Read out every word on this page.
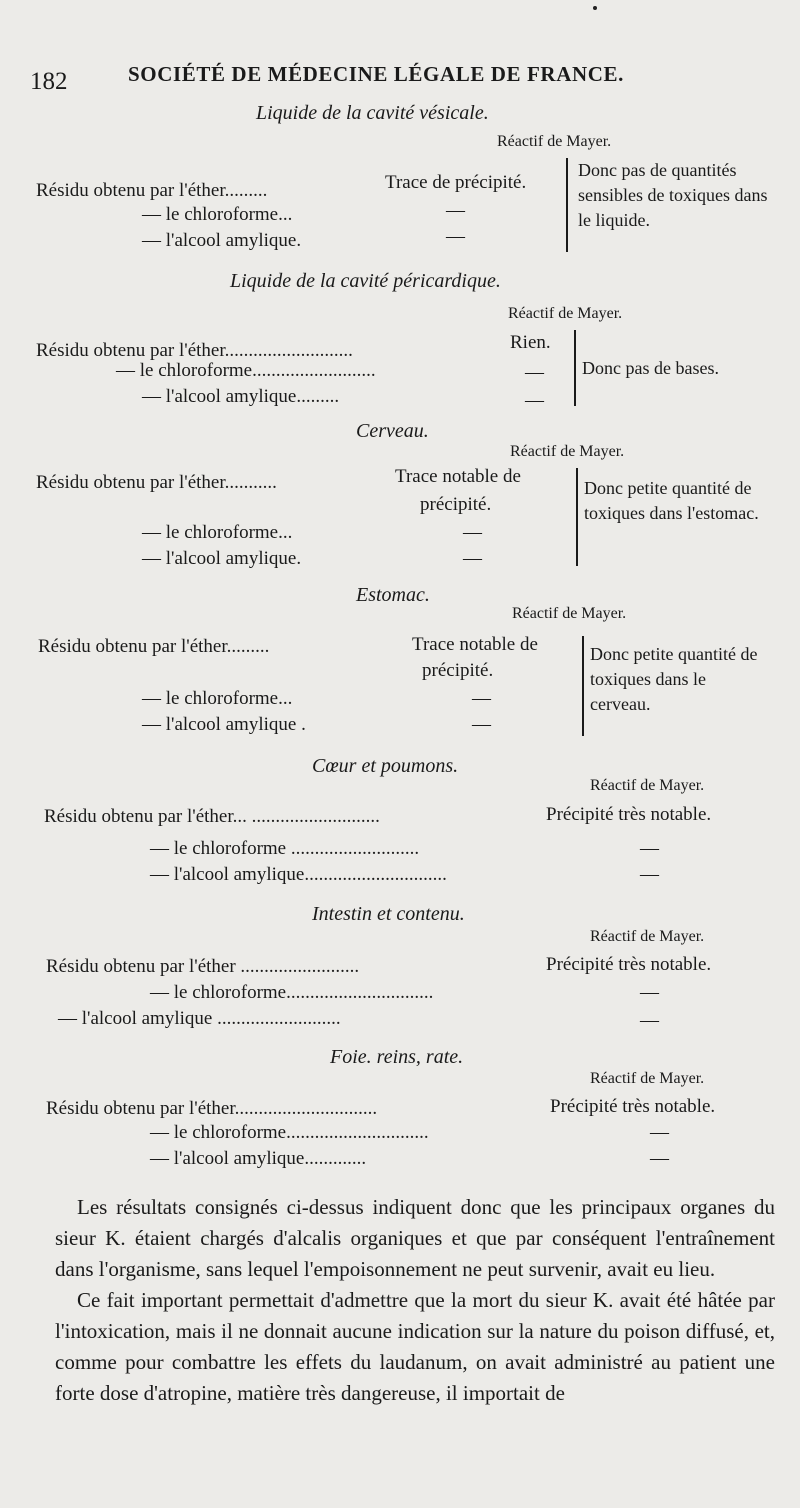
182	SOCIÉTÉ DE MÉDECINE LÉGALE DE FRANCE.
Liquide de la cavité vésicale.
Réactif de Mayer.
Résidu obtenu par l'éther.........	Trace de précipité.
— le chloroforme...	—
— l'alcool amylique.	—
Donc pas de quantités sensibles de toxiques dans le liquide.
Liquide de la cavité péricardique.
Réactif de Mayer.
Résidu obtenu par l'éther...........................	Rien.
— le chloroforme..........................	—
— l'alcool amylique.........	—
Donc pas de bases.
Cerveau.
Réactif de Mayer.
Résidu obtenu par l'éther...........	Trace notable de
précipité.
— le chloroforme...	—
— l'alcool amylique.	—
Donc petite quantité de toxiques dans l'estomac.
Estomac.
Réactif de Mayer.
Résidu obtenu par l'éther.........	Trace notable de
précipité.
— le chloroforme...	—
— l'alcool amylique .	—
Donc petite quantité de toxiques dans le cerveau.
Cœur et poumons.
Réactif de Mayer.
Résidu obtenu par l'éther... ...........................	Précipité très notable.
— le chloroforme ...........................	—
— l'alcool amylique..............................	—
Intestin et contenu.
Réactif de Mayer.
Résidu obtenu par l'éther .........................	Précipité très notable.
— le chloroforme...............................	—
— l'alcool amylique ..........................	—
Foie. reins, rate.
Réactif de Mayer.
Résidu obtenu par l'éther..............................	Précipité très notable.
— le chloroforme..............................	—
— l'alcool amylique.............	—

Les résultats consignés ci-dessus indiquent donc que les principaux organes du sieur K. étaient chargés d'alcalis organiques et que par conséquent l'entraînement dans l'organisme, sans lequel l'empoisonnement ne peut survenir, avait eu lieu.

Ce fait important permettait d'admettre que la mort du sieur K. avait été hâtée par l'intoxication, mais il ne donnait aucune indication sur la nature du poison diffusé, et, comme pour combattre les effets du laudanum, on avait administré au patient une forte dose d'atropine, matière très dangereuse, il importait de
